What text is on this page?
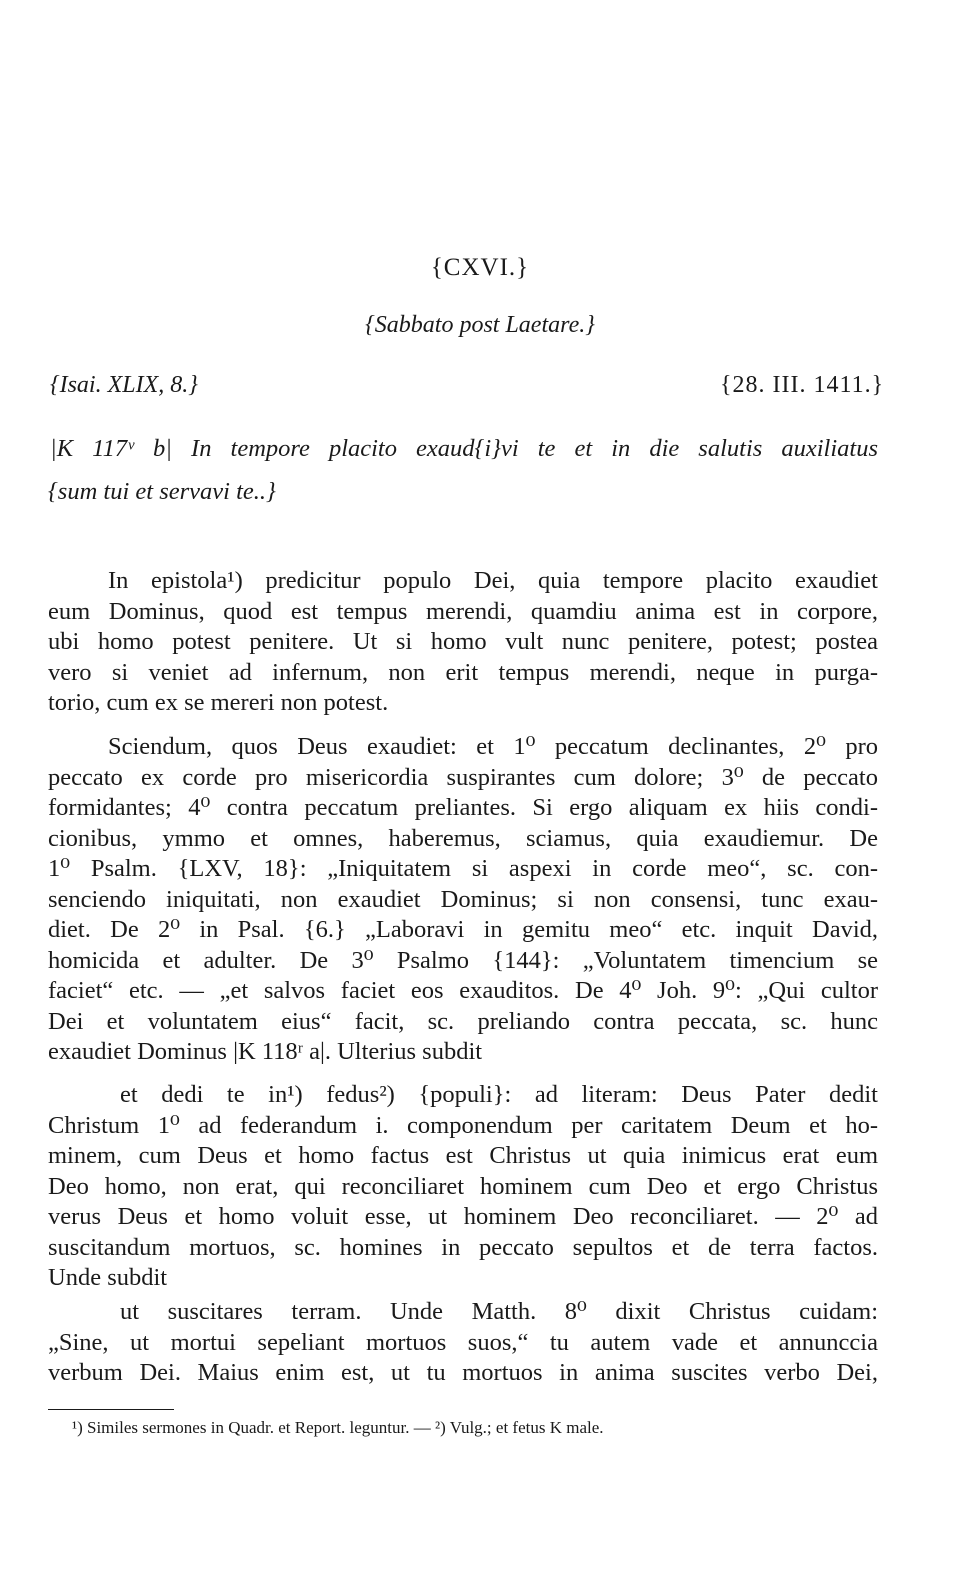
{CXVI.}
{Sabbato post Laetare.}
{Isai. XLIX, 8.}	{28. III. 1411.}
|K 117ᵛ b| In tempore placito exaud{i}vi te et in die salutis auxiliatus
{sum tui et servavi te..}
In epistola¹) predicitur populo Dei, quia tempore placito exaudiet
eum Dominus, quod est tempus merendi, quamdiu anima est in corpore,
ubi homo potest penitere. Ut si homo vult nunc penitere, potest; postea
vero si veniet ad infernum, non erit tempus merendi, neque in purga-
torio, cum ex se mereri non potest.
Sciendum, quos Deus exaudiet: et 1⁰ peccatum declinantes, 2⁰ pro
peccato ex corde pro misericordia suspirantes cum dolore; 3⁰ de peccato
formidantes; 4⁰ contra peccatum preliantes. Si ergo aliquam ex hiis condi-
cionibus, ymmo et omnes, haberemus, sciamus, quia exaudiemur. De
1⁰ Psalm. {LXV, 18}: „Iniquitatem si aspexi in corde meo“, sc. con-
senciendo iniquitati, non exaudiet Dominus; si non consensi, tunc exau-
diet. De 2⁰ in Psal. {6.} „Laboravi in gemitu meo“ etc. inquit David,
homicida et adulter. De 3⁰ Psalmo {144}: „Voluntatem timencium se
faciet“ etc. — „et salvos faciet eos exauditos. De 4⁰ Joh. 9⁰: „Qui cultor
Dei et voluntatem eius“ facit, sc. preliando contra peccata, sc. hunc
exaudiet Dominus |K 118ʳ a|. Ulterius subdit
et dedi te in¹) fedus²) {populi}: ad literam: Deus Pater dedit
Christum 1⁰ ad federandum i. componendum per caritatem Deum et ho-
minem, cum Deus et homo factus est Christus ut quia inimicus erat eum
Deo homo, non erat, qui reconciliaret hominem cum Deo et ergo Christus
verus Deus et homo voluit esse, ut hominem Deo reconciliaret. — 2⁰ ad
suscitandum mortuos, sc. homines in peccato sepultos et de terra factos.
Unde subdit
ut suscitares terram. Unde Matth. 8⁰ dixit Christus cuidam:
„Sine, ut mortui sepeliant mortuos suos,“ tu autem vade et annunccia
verbum Dei. Maius enim est, ut tu mortuos in anima suscites verbo Dei,
¹) Similes sermones in Quadr. et Report. leguntur. — ²) Vulg.; et fetus K male.
